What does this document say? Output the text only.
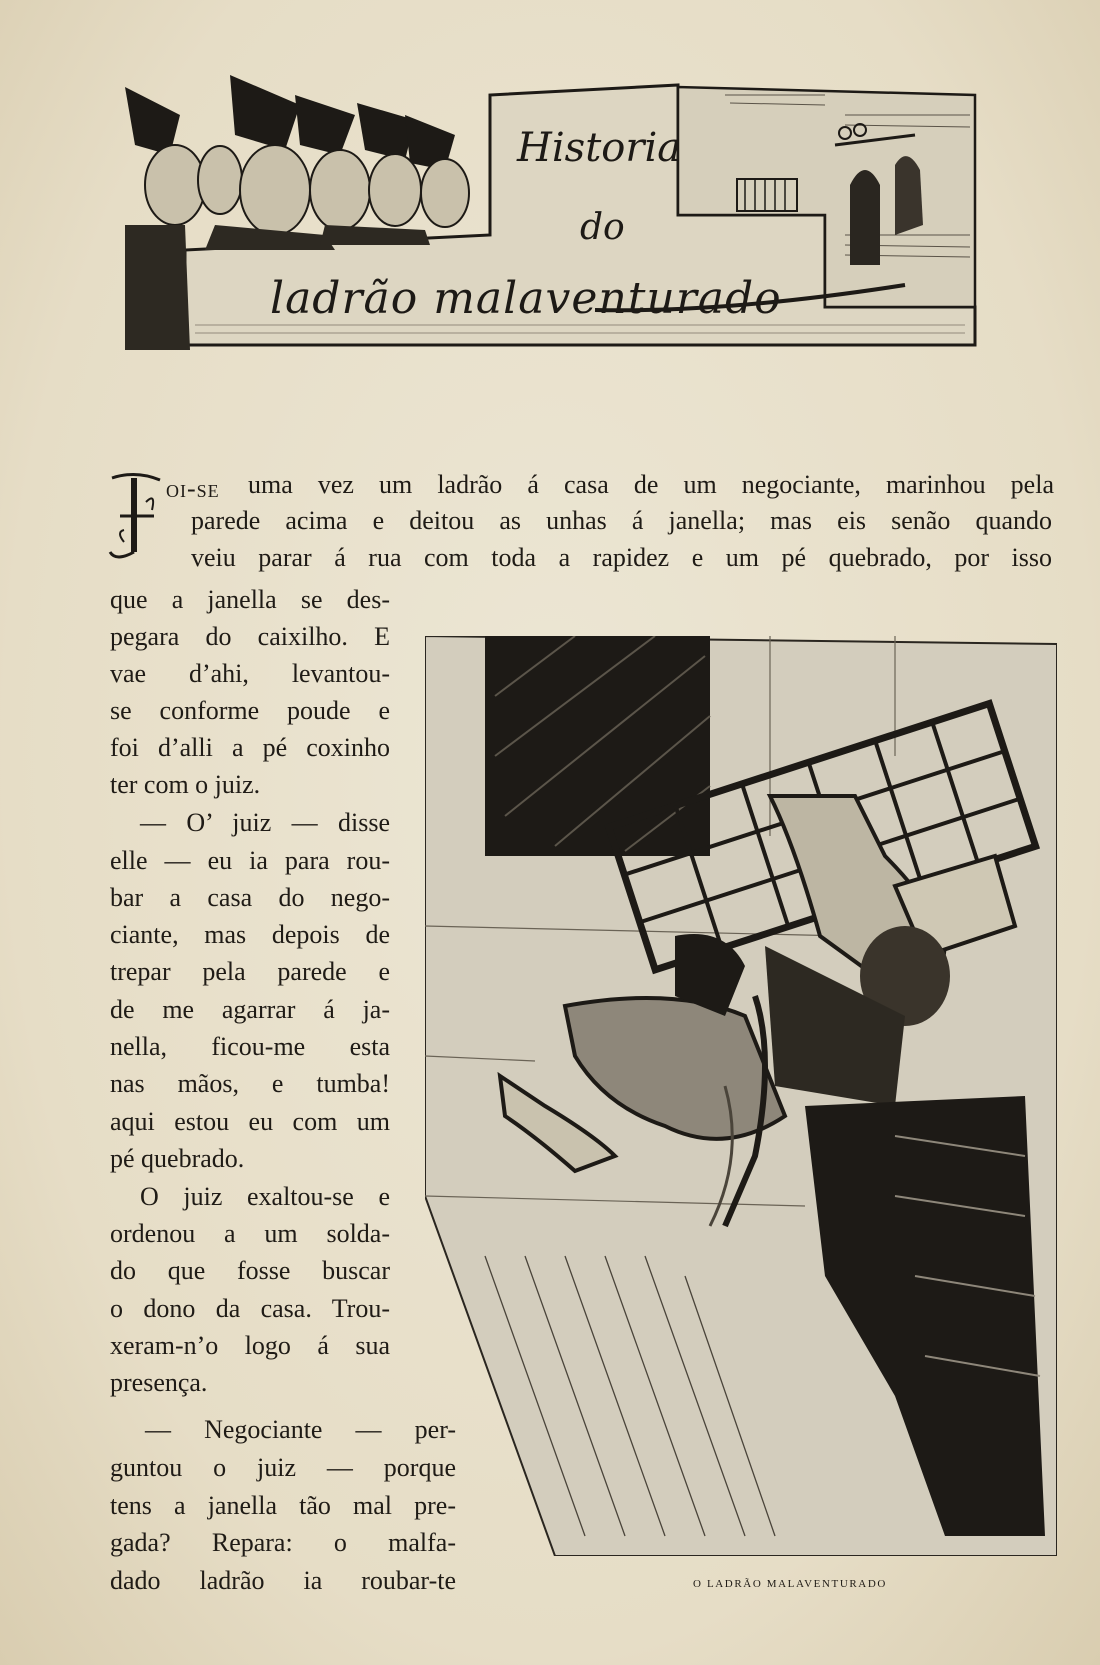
Historia
do
ladrão malaventurado
oi-se uma vez um ladrão á casa de um negociante, marinhou pela
parede acima e deitou as unhas á janella; mas eis senão quando
veiu parar á rua com toda a rapidez e um pé quebrado, por isso
que a janella se des-
pegara do caixilho. E
vae d’ahi, levantou-
se conforme poude e
foi d’alli a pé coxinho
ter com o juiz.
— O’ juiz — disse
elle — eu ia para rou-
bar a casa do nego-
ciante, mas depois de
trepar pela parede e
de me agarrar á ja-
nella, ficou-me esta
nas mãos, e tumba!
aqui estou eu com um
pé quebrado.
O juiz exaltou-se e
ordenou a um solda-
do que fosse buscar
o dono da casa. Trou-
xeram-n’o logo á sua
presença.
— Negociante — per-
guntou o juiz — porque
tens a janella tão mal pre-
gada? Repara: o malfa-
dado ladrão ia roubar-te	O LADRÃO MALAVENTURADO
